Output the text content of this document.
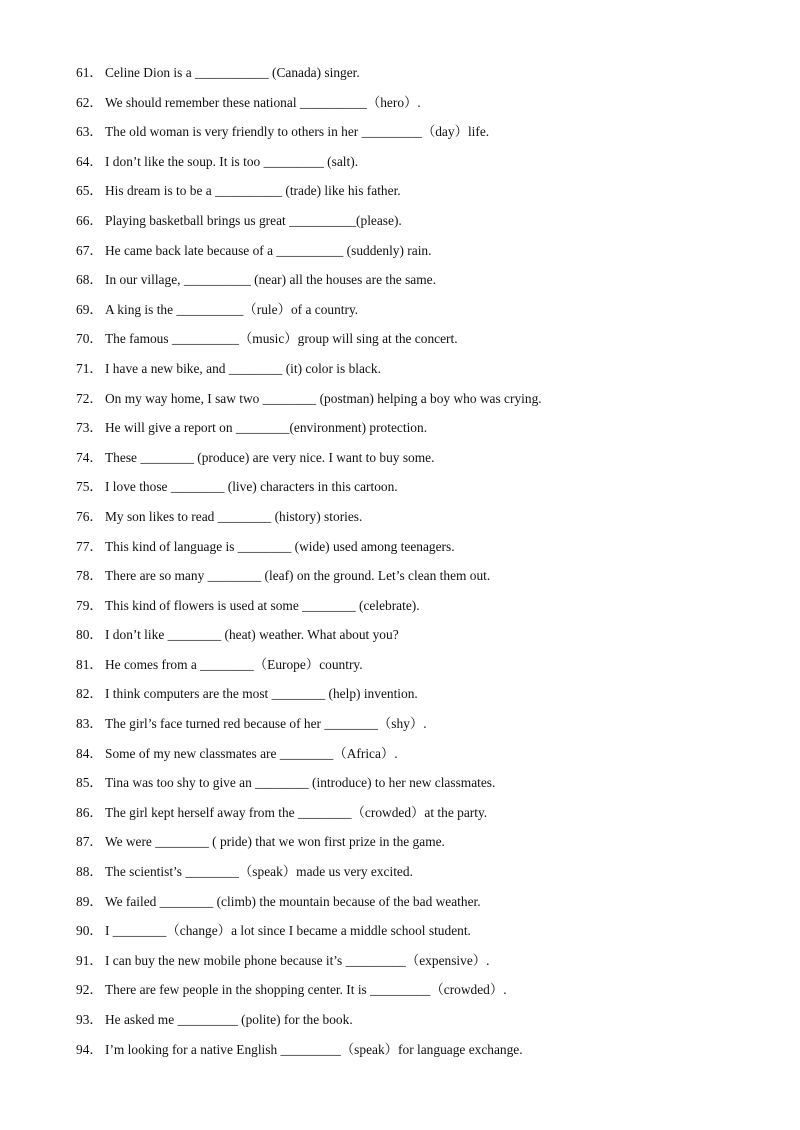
61． Celine Dion is a ___________ (Canada) singer.
62． We should remember these national __________（hero）.
63． The old woman is very friendly to others in her _________（day）life.
64． I don’t like the soup. It is too _________ (salt).
65． His dream is to be a __________ (trade) like his father.
66． Playing basketball brings us great __________(please).
67． He came back late because of a __________ (suddenly) rain.
68． In our village, __________ (near) all the houses are the same.
69． A king is the __________（rule）of a country.
70． The famous __________（music）group will sing at the concert.
71． I have a new bike, and ________ (it) color is black.
72． On my way home, I saw two ________ (postman) helping a boy who was crying.
73． He will give a report on ________(environment) protection.
74． These ________ (produce) are very nice. I want to buy some.
75． I love those ________ (live) characters in this cartoon.
76． My son likes to read ________ (history) stories.
77． This kind of language is ________ (wide) used among teenagers.
78． There are so many ________ (leaf) on the ground. Let’s clean them out.
79． This kind of flowers is used at some ________ (celebrate).
80． I don’t like ________ (heat) weather. What about you?
81． He comes from a ________（Europe）country.
82． I think computers are the most ________ (help) invention.
83． The girl’s face turned red because of her ________（shy）.
84． Some of my new classmates are ________（Africa）.
85． Tina was too shy to give an ________ (introduce) to her new classmates.
86． The girl kept herself away from the ________（crowded）at the party.
87． We were ________ ( pride) that we won first prize in the game.
88． The scientist’s ________（speak）made us very excited.
89． We failed ________ (climb) the mountain because of the bad weather.
90． I ________（change）a lot since I became a middle school student.
91． I can buy the new mobile phone because it’s _________（expensive）.
92． There are few people in the shopping center. It is _________（crowded）.
93． He asked me _________ (polite) for the book.
94． I’m looking for a native English _________（speak）for language exchange.
